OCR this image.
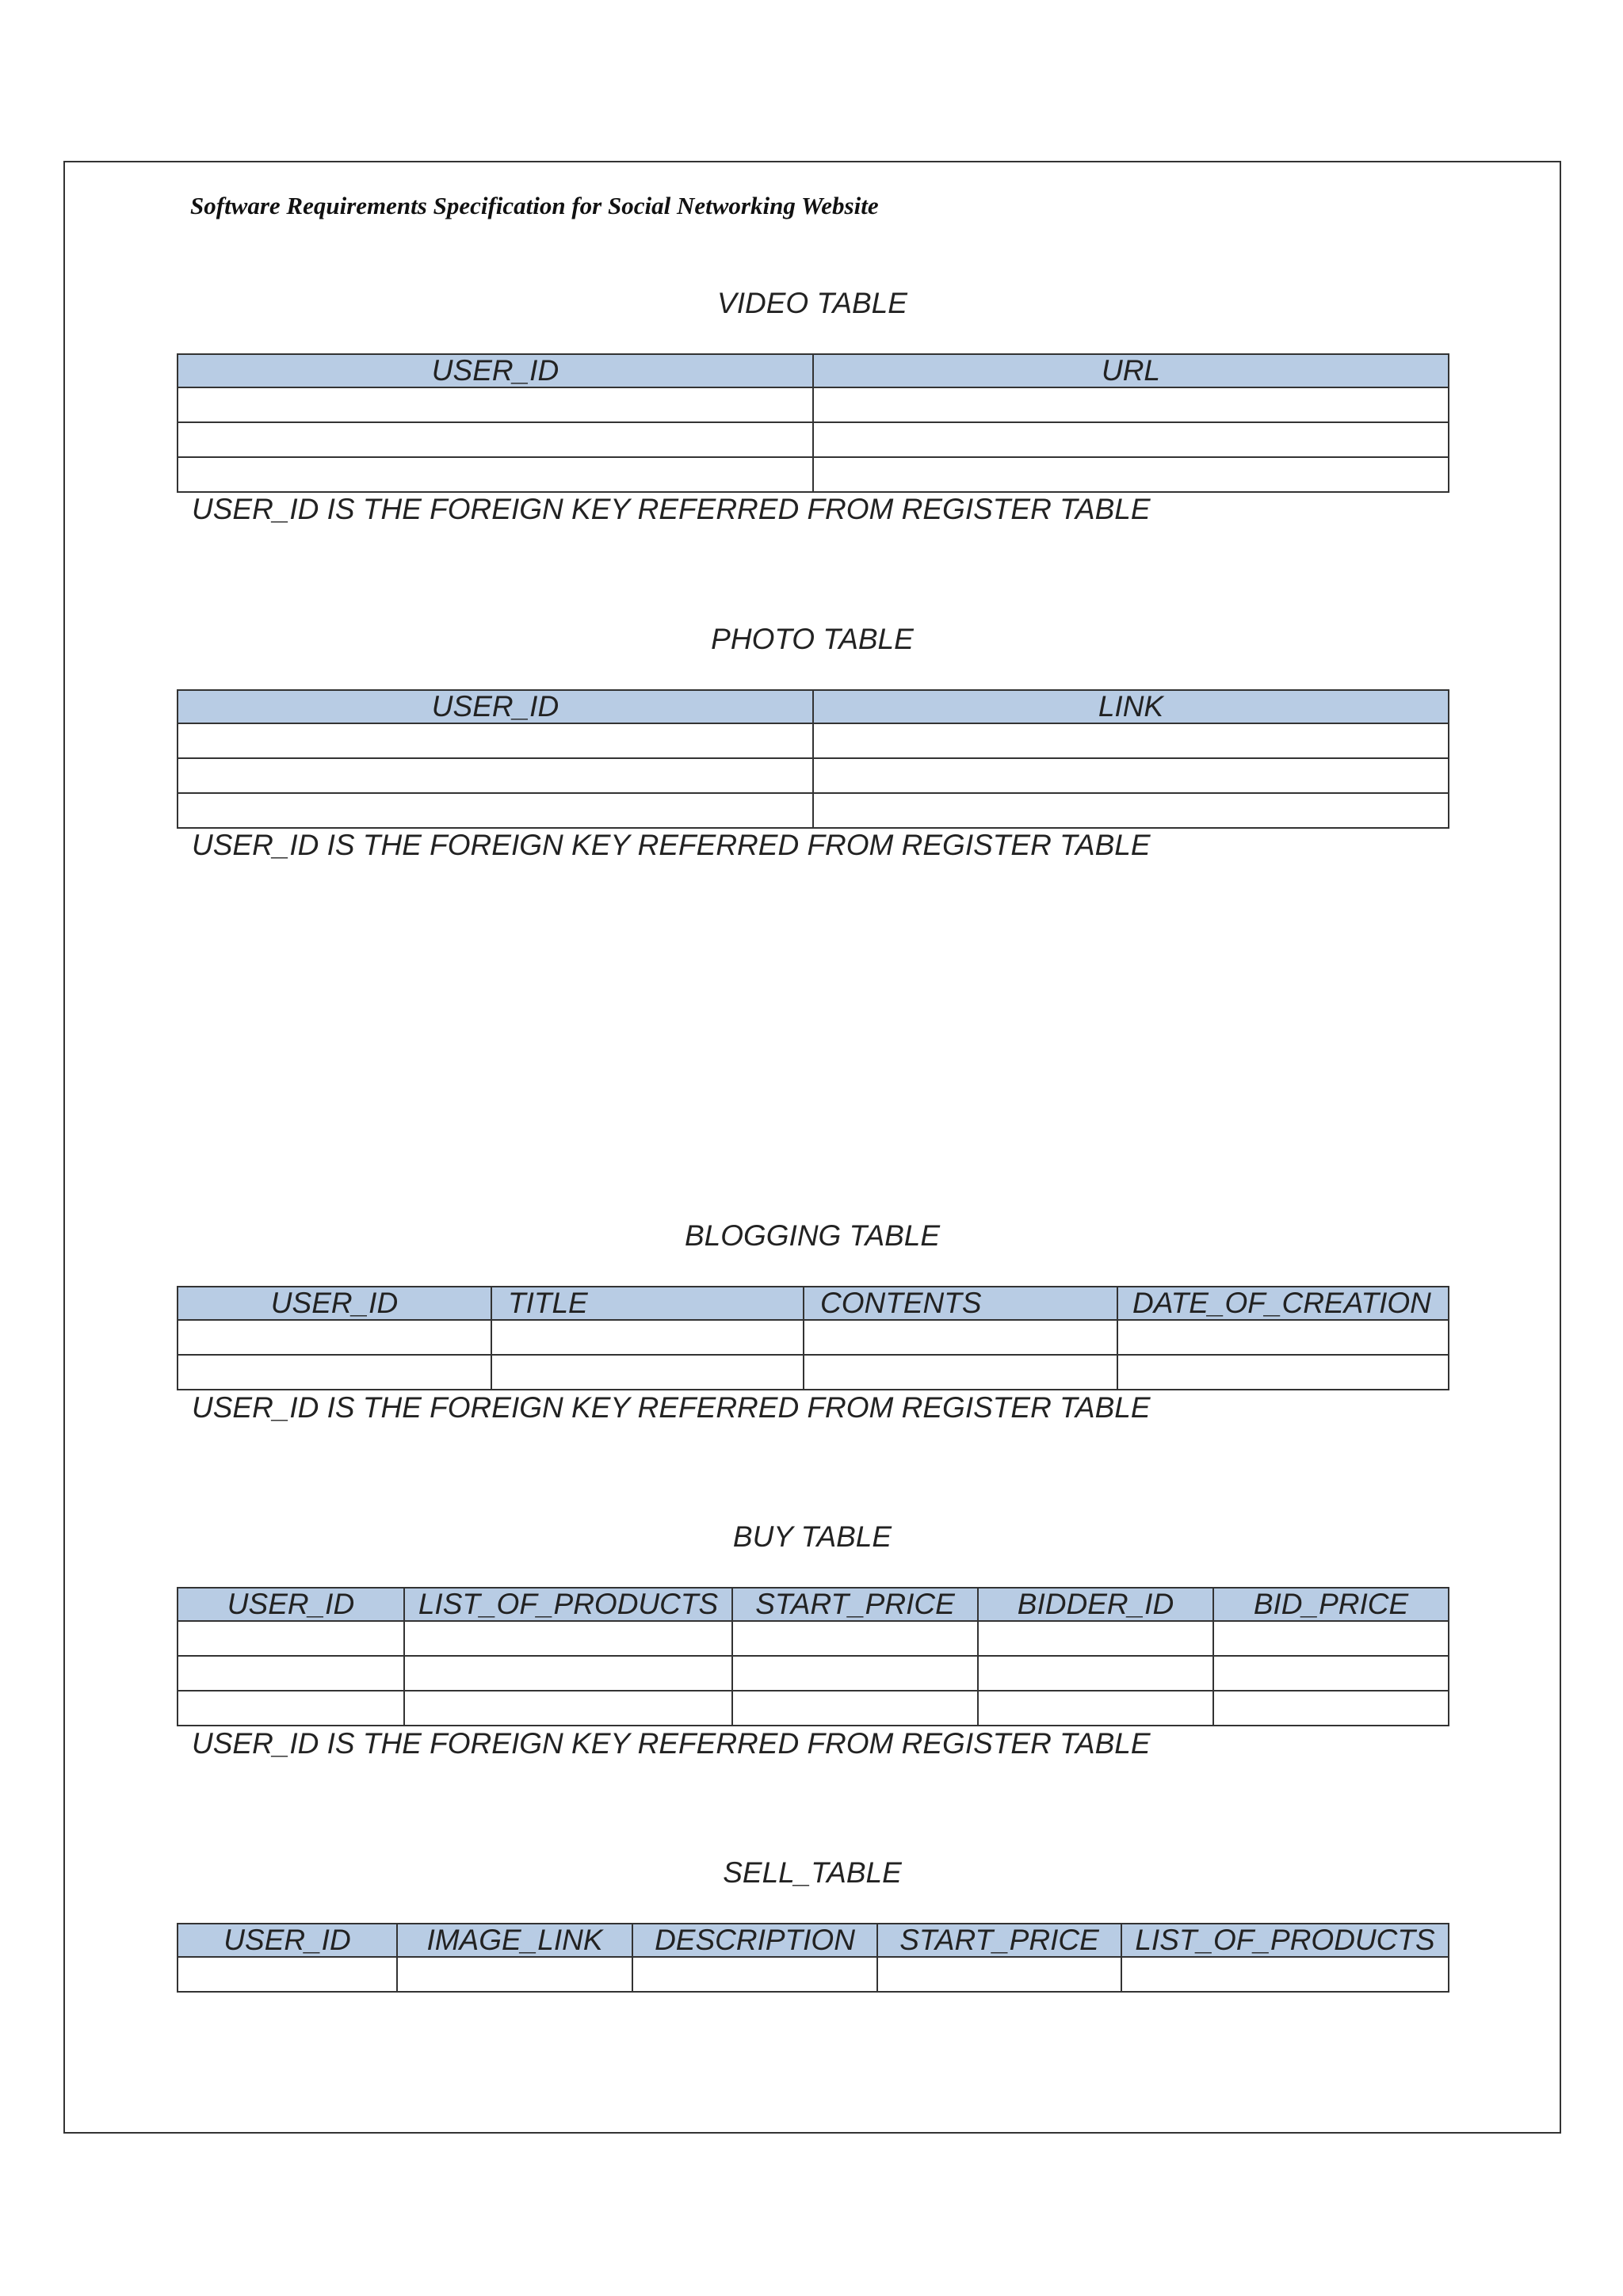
Software Requirements Specification for Social Networking Website
VIDEO TABLE
USER_ID	URL

USER_ID IS THE FOREIGN KEY REFERRED FROM REGISTER TABLE
PHOTO TABLE
USER_ID	LINK

USER_ID IS THE FOREIGN KEY REFERRED FROM REGISTER TABLE
BLOGGING TABLE
USER_ID	TITLE	CONTENTS	DATE_OF_CREATION

USER_ID IS THE FOREIGN KEY REFERRED FROM REGISTER TABLE
BUY TABLE
USER_ID	LIST_OF_PRODUCTS	START_PRICE	BIDDER_ID	BID_PRICE

USER_ID IS THE FOREIGN KEY REFERRED FROM REGISTER TABLE
SELL_TABLE
USER_ID	IMAGE_LINK	DESCRIPTION	START_PRICE	LIST_OF_PRODUCTS
